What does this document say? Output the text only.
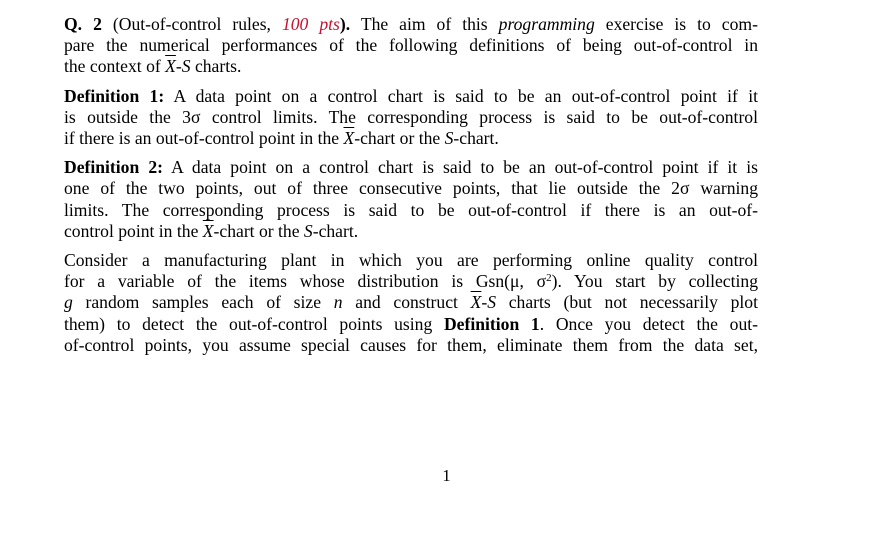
Q. 2 (Out-of-control rules, 100 pts). The aim of this programming exercise is to com-
pare the numerical performances of the following definitions of being out-of-control in
the context of $\overline{X}-S$ charts.

Definition 1: A data point on a control chart is said to be an out-of-control point if it
is outside the 3σ control limits. The corresponding process is said to be out-of-control
if there is an out-of-control point in the $\overline{X}$-chart or the S-chart.

Definition 2: A data point on a control chart is said to be an out-of-control point if it is
one of the two points, out of three consecutive points, that lie outside the 2σ warning
limits. The corresponding process is said to be out-of-control if there is an out-of-
control point in the $\overline{X}$-chart or the S-chart.

Consider a manufacturing plant in which you are performing online quality control
for a variable of the items whose distribution is Gsn(μ, $\sigma^2$). You start by collecting
g random samples each of size n and construct $\overline{X}-S$ charts (but not necessarily plot
them) to detect the out-of-control points using Definition 1. Once you detect the out-
of-control points, you assume special causes for them, eliminate them from the data set,

1
